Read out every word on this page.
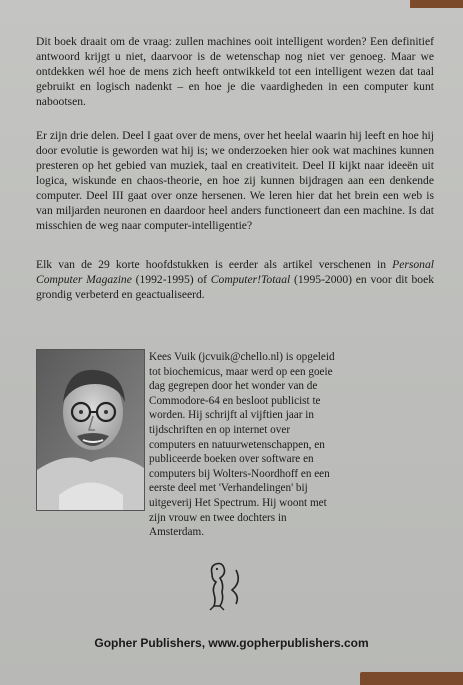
Dit boek draait om de vraag: zullen machines ooit intelligent worden? Een definitief antwoord krijgt u niet, daarvoor is de wetenschap nog niet ver genoeg. Maar we ontdekken wél hoe de mens zich heeft ontwikkeld tot een intelligent wezen dat taal gebruikt en logisch nadenkt – en hoe je die vaardigheden in een computer kunt nabootsen.

Er zijn drie delen. Deel I gaat over de mens, over het heelal waarin hij leeft en hoe hij door evolutie is geworden wat hij is; we onderzoeken hier ook wat machines kunnen presteren op het gebied van muziek, taal en creativiteit. Deel II kijkt naar ideeën uit logica, wiskunde en chaos-theorie, en hoe zij kunnen bijdragen aan een denkende computer. Deel III gaat over onze hersenen. We leren hier dat het brein een web is van miljarden neuronen en daardoor heel anders functioneert dan een machine. Is dat misschien de weg naar computer-intelligentie?

Elk van de 29 korte hoofdstukken is eerder als artikel verschenen in Personal Computer Magazine (1992-1995) of Computer!Totaal (1995-2000) en voor dit boek grondig verbeterd en geactualiseerd.

Kees Vuik (jcvuik@chello.nl) is opgeleid tot biochemicus, maar werd op een goeie dag gegrepen door het wonder van de Commodore-64 en besloot publicist te worden. Hij schrijft al vijftien jaar in tijdschriften en op internet over computers en natuurwetenschappen, en publiceerde boeken over software en computers bij Wolters-Noordhoff en een eerste deel met 'Verhandelingen' bij uitgeverij Het Spectrum. Hij woont met zijn vrouw en twee dochters in Amsterdam.

Gopher Publishers, www.gopherpublishers.com
